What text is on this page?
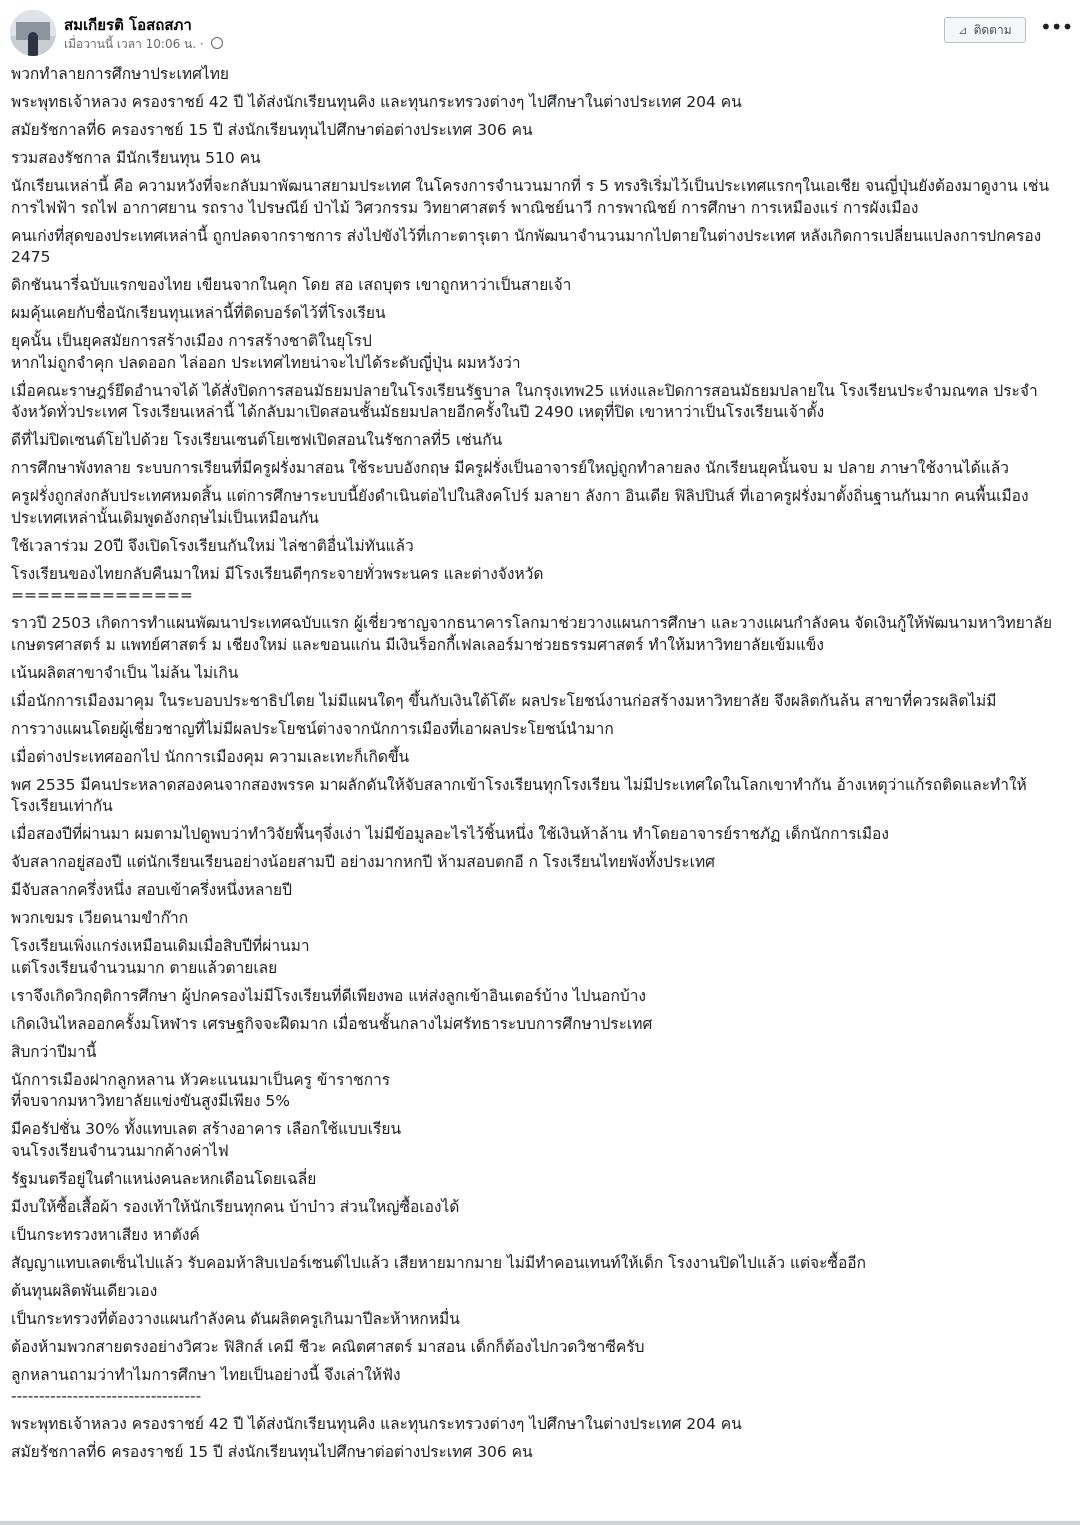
สมเกียรติ โอสถสภา
เมื่อวานนี้ เวลา 10:06 น. ·
⊿ ติดตาม •••
พวกทำลายการศึกษาประเทศไทย
พระพุทธเจ้าหลวง ครองราชย์ 42 ปี ได้ส่งนักเรียนทุนคิง และทุนกระทรวงต่างๆ ไปศึกษาในต่างประเทศ 204 คน
สมัยรัชกาลที่6 ครองราชย์ 15 ปี ส่งนักเรียนทุนไปศึกษาต่อต่างประเทศ 306 คน
รวมสองรัชกาล มีนักเรียนทุน 510 คน
นักเรียนเหล่านี้ คือ ความหวังที่จะกลับมาพัฒนาสยามประเทศ ในโครงการจำนวนมากที่ ร 5 ทรงริเริ่มไว้เป็นประเทศแรกๆในเอเชีย จนญี่ปุ่นยังต้องมาดูงาน เช่น การไฟฟ้า รถไฟ อากาศยาน รถราง ไปรษณีย์ ป่าไม้ วิศวกรรม วิทยาศาสตร์ พาณิชย์นาวี การพาณิชย์ การศึกษา การเหมืองแร่ การผังเมือง
คนเก่งที่สุดของประเทศเหล่านี้ ถูกปลดจากราชการ ส่งไปขังไว้ที่เกาะตารุเตา นักพัฒนาจำนวนมากไปตายในต่างประเทศ หลังเกิดการเปลี่ยนแปลงการปกครอง 2475
ดิกชันนารี่ฉบับแรกของไทย เขียนจากในคุก โดย สอ เสถบุตร เขาถูกหาว่าเป็นสายเจ้า
ผมคุ้นเคยกับชื่อนักเรียนทุนเหล่านี้ที่ติดบอร์ดไว้ที่โรงเรียน
ยุคนั้น เป็นยุคสมัยการสร้างเมือง การสร้างชาติในยุโรป
หากไม่ถูกจำคุก ปลดออก ไล่ออก ประเทศไทยน่าจะไปได้ระดับญี่ปุ่น ผมหวังว่า
เมื่อคณะราษฎร์ยึดอำนาจได้ ได้สั่งปิดการสอนมัธยมปลายในโรงเรียนรัฐบาล ในกรุงเทพ25 แห่งและปิดการสอนมัธยมปลายใน โรงเรียนประจำมณฑล ประจำ จังหวัดทั่วประเทศ โรงเรียนเหล่านี้ ได้กลับมาเปิดสอนชั้นมัธยมปลายอีกครั้งในปี 2490 เหตุที่ปิด เขาหาว่าเป็นโรงเรียนเจ้าตั้ง
ดีที่ไม่ปิดเซนต์โยไปด้วย โรงเรียนเซนต์โยเซฟเปิดสอนในรัชกาลที่5 เช่นกัน
การศึกษาพังทลาย ระบบการเรียนที่มีครูฝรั่งมาสอน ใช้ระบบอังกฤษ มีครูฝรั่งเป็นอาจารย์ใหญ่ถูกทำลายลง นักเรียนยุคนั้นจบ ม ปลาย ภาษาใช้งานได้แล้ว
ครูฝรั่งถูกส่งกลับประเทศหมดสิ้น แต่การศึกษาระบบนี้ยังดำเนินต่อไปในสิงคโปร์ มลายา ลังกา อินเดีย ฟิลิปปินส์ ที่เอาครูฝรั่งมาตั้งถิ่นฐานกันมาก คนพื้นเมืองประเทศเหล่านั้นเดิมพูดอังกฤษไม่เป็นเหมือนกัน
ใช้เวลาร่วม 20ปี จึงเปิดโรงเรียนกันใหม่ ไล่ชาติอื่นไม่ทันแล้ว
โรงเรียนของไทยกลับคืนมาใหม่ มีโรงเรียนดีๆกระจายทั่วพระนคร และต่างจังหวัด
==============
ราวปี 2503 เกิดการทำแผนพัฒนาประเทศฉบับแรก ผู้เชี่ยวชาญจากธนาคารโลกมาช่วยวางแผนการศึกษา และวางแผนกำลังคน จัดเงินกู้ให้พัฒนามหาวิทยาลัยเกษตรศาสตร์ ม แพทย์ศาสตร์ ม เชียงใหม่ และขอนแก่น มีเงินร็อกกี้เฟลเลอร์มาช่วยธรรมศาสตร์ ทำให้มหาวิทยาลัยเข้มแข็ง
เน้นผลิตสาขาจำเป็น ไม่ล้น ไม่เกิน
เมื่อนักการเมืองมาคุม ในระบอบประชาธิปไตย ไม่มีแผนใดๆ ขึ้นกับเงินใต้โต๊ะ ผลประโยชน์งานก่อสร้างมหาวิทยาลัย จึงผลิตกันล้น สาขาที่ควรผลิตไม่มี
การวางแผนโดยผู้เชี่ยวชาญที่ไม่มีผลประโยชน์ต่างจากนักการเมืองที่เอาผลประโยชน์นำมาก
เมื่อต่างประเทศออกไป นักการเมืองคุม ความเละเทะก็เกิดขึ้น
พศ 2535 มีคนประหลาดสองคนจากสองพรรค มาผลักดันให้จับสลากเข้าโรงเรียนทุกโรงเรียน ไม่มีประเทศใดในโลกเขาทำกัน อ้างเหตุว่าแก้รถติดและทำให้โรงเรียนเท่ากัน
เมื่อสองปีที่ผ่านมา ผมตามไปดูพบว่าทำวิจัยพื้นๆจึ่งเง่า ไม่มีข้อมูลอะไรไว้ชิ้นหนึ่ง ใช้เงินห้าล้าน ทำโดยอาจารย์ราชภัฏ เด็กนักการเมือง
จับสลากอยู่สองปี แต่นักเรียนเรียนอย่างน้อยสามปี อย่างมากหกปี ห้ามสอบตกอี ก โรงเรียนไทยพังทั้งประเทศ
มีจับสลากครึ่งหนึ่ง สอบเข้าครึ่งหนึ่งหลายปี
พวกเขมร เวียดนามขำก๊าก
โรงเรียนเพิ่งแกร่งเหมือนเดิมเมื่อสิบปีที่ผ่านมา
แต่โรงเรียนจำนวนมาก ตายแล้วตายเลย
เราจึงเกิดวิกฤติการศึกษา ผู้ปกครองไม่มีโรงเรียนที่ดีเพียงพอ แห่ส่งลูกเข้าอินเตอร์บ้าง ไปนอกบ้าง
เกิดเงินไหลออกครั้งมโหฬาร เศรษฐกิจจะฝืดมาก เมื่อชนชั้นกลางไม่ศรัทธาระบบการศึกษาประเทศ
สิบกว่าปีมานี้
นักการเมืองฝากลูกหลาน หัวคะแนนมาเป็นครู ข้าราชการ
ที่จบจากมหาวิทยาลัยแข่งขันสูงมีเพียง 5%
มีคอรัปชั่น 30% ทั้งแทบเลต สร้างอาคาร เลือกใช้แบบเรียน
จนโรงเรียนจำนวนมากค้างค่าไฟ
รัฐมนตรีอยู่ในตำแหน่งคนละหกเดือนโดยเฉลี่ย
มีงบให้ซื้อเสื้อผ้า รองเท้าให้นักเรียนทุกคน บ้าบ๋าว ส่วนใหญ่ซื้อเองได้
เป็นกระทรวงหาเสียง หาตังค์
สัญญาแทบเลตเซ็นไปแล้ว รับคอมห้าสิบเปอร์เซนต์ไปแล้ว เสียหายมากมาย ไม่มีทำคอนเทนท์ให้เด็ก โรงงานปิดไปแล้ว แต่จะซื้ออีก
ต้นทุนผลิตพันเดียวเอง
เป็นกระทรวงที่ต้องวางแผนกำลังคน ดันผลิตครูเกินมาปีละห้าหกหมื่น
ต้องห้ามพวกสายตรงอย่างวิศวะ ฟิสิกส์ เคมี ชีวะ คณิตศาสตร์ มาสอน เด็กก็ต้องไปกวดวิชาซีครับ
ลูกหลานถามว่าทำไมการศึกษา ไทยเป็นอย่างนี้ จึงเล่าให้ฟัง
----------------------------------
พระพุทธเจ้าหลวง ครองราชย์ 42 ปี ได้ส่งนักเรียนทุนคิง และทุนกระทรวงต่างๆ ไปศึกษาในต่างประเทศ 204 คน
สมัยรัชกาลที่6 ครองราชย์ 15 ปี ส่งนักเรียนทุนไปศึกษาต่อต่างประเทศ 306 คน
